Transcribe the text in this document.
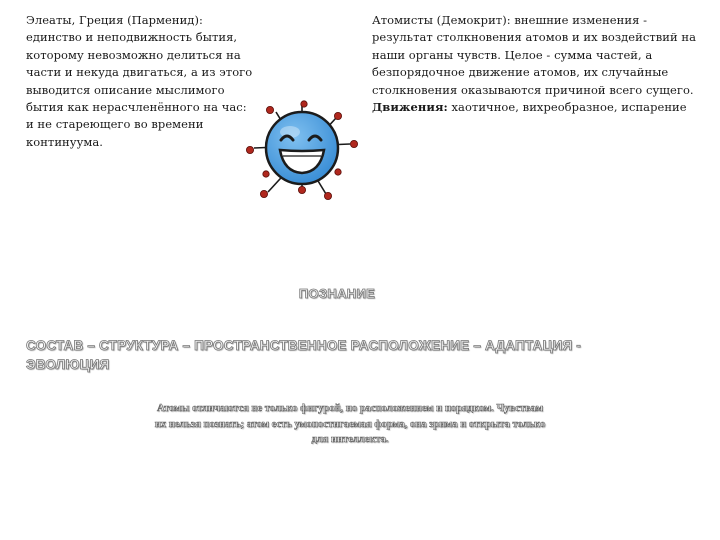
Элеаты, Греция (Парменид):
единство и неподвижность бытия,
которому невозможно делиться на
части и некуда двигаться, а из этого
выводится описание мыслимого
бытия как нерасчленённого на час:
и не стареющего во времени
континуума.
Атомисты (Демокрит): внешние изменения -
результат столкновения атомов и их воздействий на
наши органы чувств. Целое - сумма частей, а
безпорядочное движение атомов, их случайные
столкновения оказываются причиной всего сущего.
Движения: хаотичное, вихреобразное, испарение
ПОЗНАНИЕ
СОСТАВ – СТРУКТУРА – ПРОСТРАНСТВЕННОЕ РАСПОЛОЖЕНИЕ – АДАПТАЦИЯ -
ЭВОЛЮЦИЯ
Атомы отличаются не только фигурой, но расположением и порядком. Чувствам
их нельзя познать; атом есть умопостигаемая форма, она зрима и открыта только
для интеллекта.
